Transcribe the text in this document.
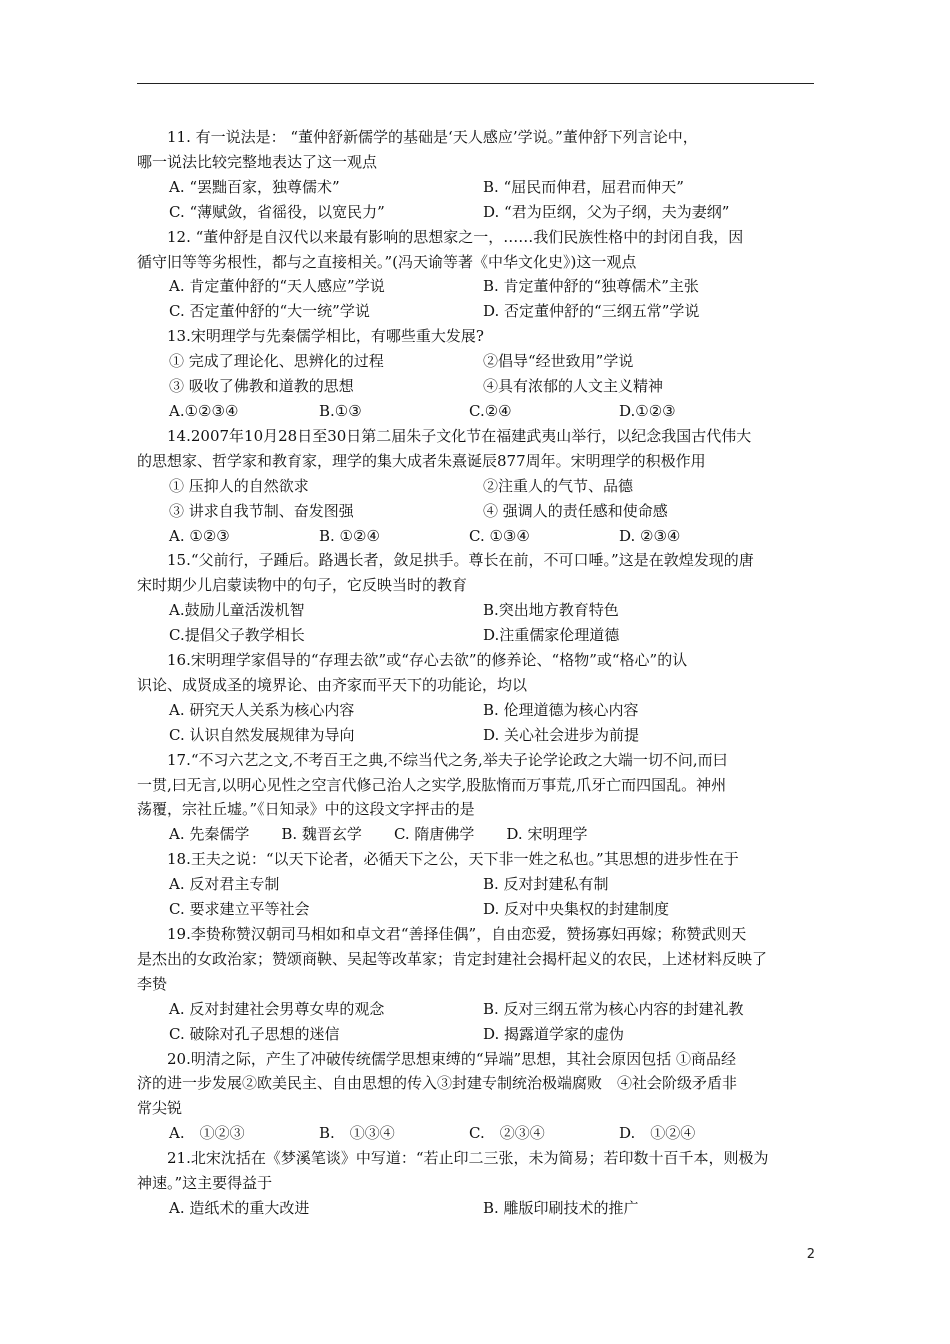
11. 有一说法是： “董仲舒新儒学的基础是‘天人感应’学说。”董仲舒下列言论中，
哪一说法比较完整地表达了这一观点
A. “罢黜百家，独尊儒术”	B. “屈民而伸君，屈君而伸天”
C. “薄赋敛，省徭役，以宽民力”	D. “君为臣纲，父为子纲，夫为妻纲”
12. “董仲舒是自汉代以来最有影响的思想家之一，……我们民族性格中的封闭自我，因
循守旧等等劣根性，都与之直接相关。”(冯天谕等著《中华文化史》)这一观点
A. 肯定董仲舒的“天人感应”学说	B. 肯定董仲舒的“独尊儒术”主张
C. 否定董仲舒的“大一统”学说	D. 否定董仲舒的“三纲五常”学说
13.宋明理学与先秦儒学相比，有哪些重大发展?
① 完成了理论化、思辨化的过程	②倡导“经世致用”学说
③ 吸收了佛教和道教的思想	④具有浓郁的人文主义精神
A.①②③④	B.①③	C.②④	D.①②③
14.2007年10月28日至30日第二届朱子文化节在福建武夷山举行，以纪念我国古代伟大
的思想家、哲学家和教育家，理学的集大成者朱熹诞辰877周年。宋明理学的积极作用
① 压抑人的自然欲求	②注重人的气节、品德
③ 讲求自我节制、奋发图强	④ 强调人的责任感和使命感
A. ①②③	B. ①②④	C. ①③④	D. ②③④
15.“父前行，子踵后。路遇长者，敛足拱手。尊长在前，不可口唾。”这是在敦煌发现的唐
宋时期少儿启蒙读物中的句子，它反映当时的教育
A.鼓励儿童活泼机智	B.突出地方教育特色
C.提倡父子教学相长	D.注重儒家伦理道德
16.宋明理学家倡导的“存理去欲”或“存心去欲”的修养论、“格物”或“格心”的认
识论、成贤成圣的境界论、由齐家而平天下的功能论，均以
A. 研究天人关系为核心内容	B. 伦理道德为核心内容
C. 认识自然发展规律为导向	D. 关心社会进步为前提
17.“不习六艺之文,不考百王之典,不综当代之务,举夫子论学论政之大端一切不问,而曰
一贯,曰无言,以明心见性之空言代修己治人之实学,股肱惰而万事荒,爪牙亡而四国乱。神州
荡覆，宗社丘墟。”《日知录》中的这段文字抨击的是
A. 先秦儒学 B. 魏晋玄学 C. 隋唐佛学 D. 宋明理学
18.王夫之说：“以天下论者，必循天下之公，天下非一姓之私也。”其思想的进步性在于
A. 反对君主专制	B. 反对封建私有制
C. 要求建立平等社会	D. 反对中央集权的封建制度
19.李贽称赞汉朝司马相如和卓文君“善择佳偶”，自由恋爱，赞扬寡妇再嫁；称赞武则天
是杰出的女政治家；赞颂商鞅、吴起等改革家；肯定封建社会揭杆起义的农民，上述材料反映了
李贽
A. 反对封建社会男尊女卑的观念	B. 反对三纲五常为核心内容的封建礼教
C. 破除对孔子思想的迷信	D. 揭露道学家的虚伪
20.明清之际，产生了冲破传统儒学思想束缚的“异端”思想，其社会原因包括 ①商品经
济的进一步发展②欧美民主、自由思想的传入③封建专制统治极端腐败　④社会阶级矛盾非
常尖锐
A.　①②③	B.　①③④	C.　②③④	D.　①②④
21.北宋沈括在《梦溪笔谈》中写道：“若止印二三张，未为简易；若印数十百千本，则极为
神速。”这主要得益于
A. 造纸术的重大改进	B. 雕版印刷技术的推广
2
